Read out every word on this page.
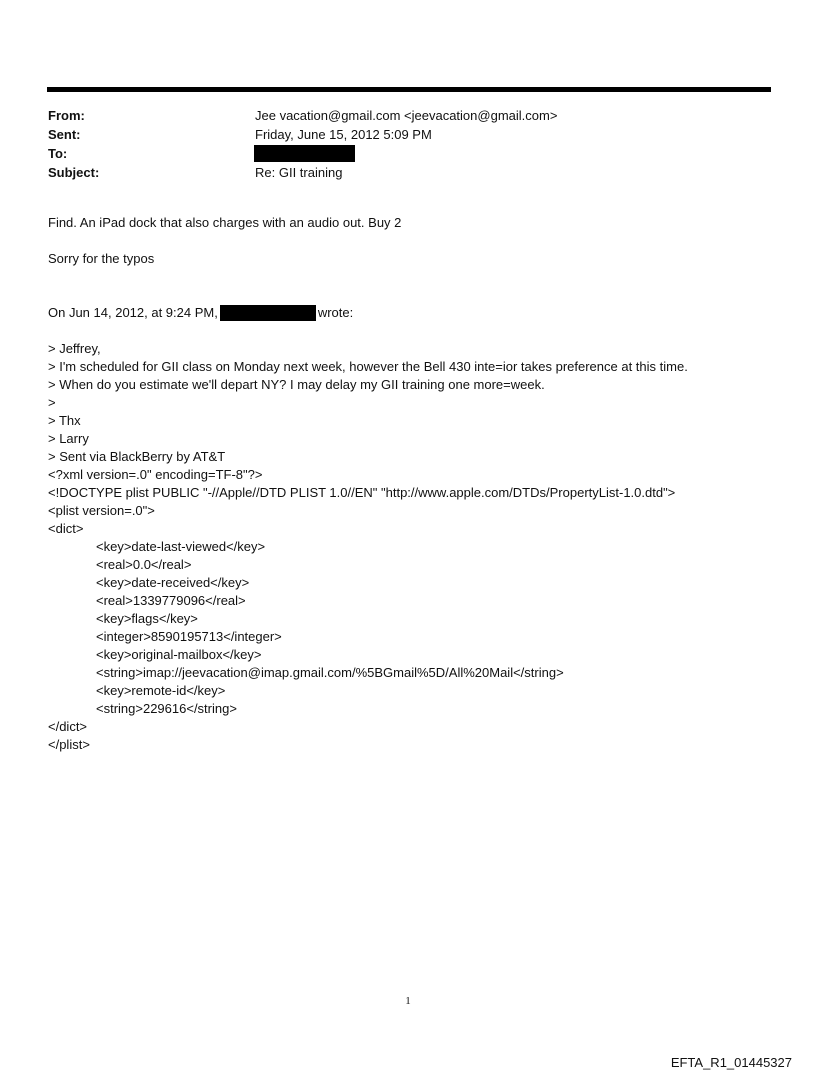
From:	Jee vacation@gmail.com <jeevacation@gmail.com>
Sent:	Friday, June 15, 2012 5:09 PM
To:
Subject:	Re: GII training

Find. An iPad dock that also charges with an audio out. Buy 2

Sorry for the typos

On Jun 14, 2012, at 9:24 PM,	wrote:

> Jeffrey,

> I'm scheduled for GII class on Monday next week, however the Bell 430 inte=ior takes preference at this time.

> When do you estimate we'll depart NY? I may delay my GII training one more=week.

>

> Thx

> Larry

> Sent via BlackBerry by AT&T

<?xml version=.0" encoding=TF-8"?>

<!DOCTYPE plist PUBLIC "-//Apple//DTD PLIST 1.0//EN" "http://www.apple.com/DTDs/PropertyList-1.0.dtd">

<plist version=.0">

<dict>

<key>date-last-viewed</key>

<real>0.0</real>

<key>date-received</key>

<real>1339779096</real>

<key>flags</key>

<integer>8590195713</integer>

<key>original-mailbox</key>

<string>imap://jeevacation@imap.gmail.com/%5BGmail%5D/All%20Mail</string>

<key>remote-id</key>

<string>229616</string>

</dict>

</plist>

1
EFTA_R1_01445327
